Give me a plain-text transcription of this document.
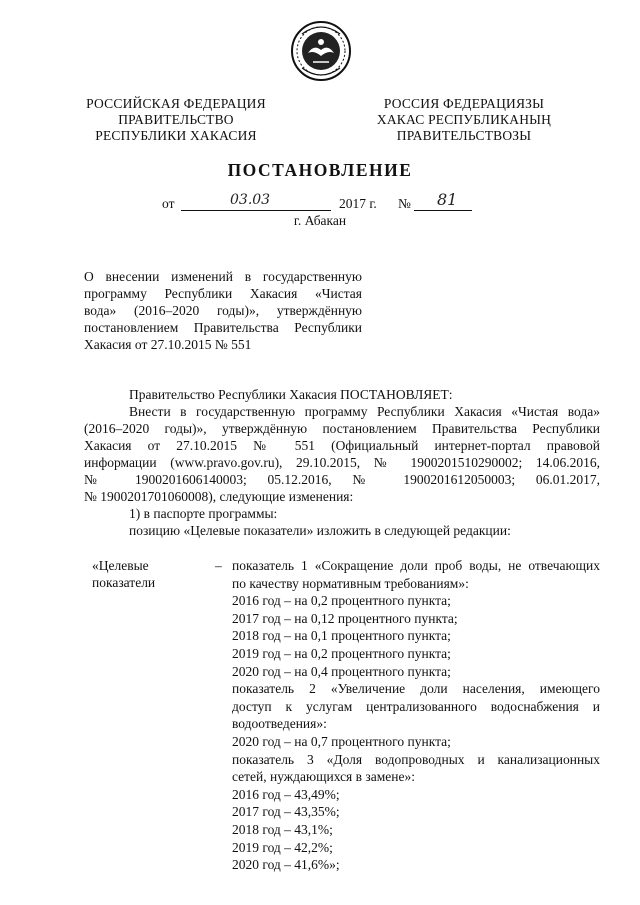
РОССИЙСКАЯ ФЕДЕРАЦИЯ
ПРАВИТЕЛЬСТВО
РЕСПУБЛИКИ ХАКАСИЯ
РОССИЯ ФЕДЕРАЦИЯЗЫ
ХАКАС РЕСПУБЛИКАНЫҢ
ПРАВИТЕЛЬСТВОЗЫ
ПОСТАНОВЛЕНИЕ
от	03.03	2017 г. № 81
г. Абакан
О внесении изменений в государственную
программу Республики Хакасия «Чистая
вода» (2016–2020 годы)», утверждённую
постановлением Правительства Республики
Хакасия от 27.10.2015 № 551
Правительство Республики Хакасия ПОСТАНОВЛЯЕТ:
Внести в государственную программу Республики Хакасия «Чистая вода»
(2016–2020 годы)», утверждённую постановлением Правительства Республики
Хакасия от 27.10.2015 № 551 (Официальный интернет-портал правовой
информации (www.pravo.gov.ru), 29.10.2015, № 1900201510290002; 14.06.2016,
№ 1900201606140003; 05.12.2016, № 1900201612050003; 06.01.2017,
№ 1900201701060008), следующие изменения:
1) в паспорте программы:
позицию «Целевые показатели» изложить в следующей редакции:
«Целевые
показатели
– показатель 1 «Сокращение доли проб воды, не отвечающих
по качеству нормативным требованиям»:
2016 год – на 0,2 процентного пункта;
2017 год – на 0,12 процентного пункта;
2018 год – на 0,1 процентного пункта;
2019 год – на 0,2 процентного пункта;
2020 год – на 0,4 процентного пункта;
показатель 2 «Увеличение доли населения, имеющего
доступ к услугам централизованного водоснабжения и
водоотведения»:
2020 год – на 0,7 процентного пункта;
показатель 3 «Доля водопроводных и канализационных
сетей, нуждающихся в замене»:
2016 год – 43,49%;
2017 год – 43,35%;
2018 год – 43,1%;
2019 год – 42,2%;
2020 год – 41,6%»;
